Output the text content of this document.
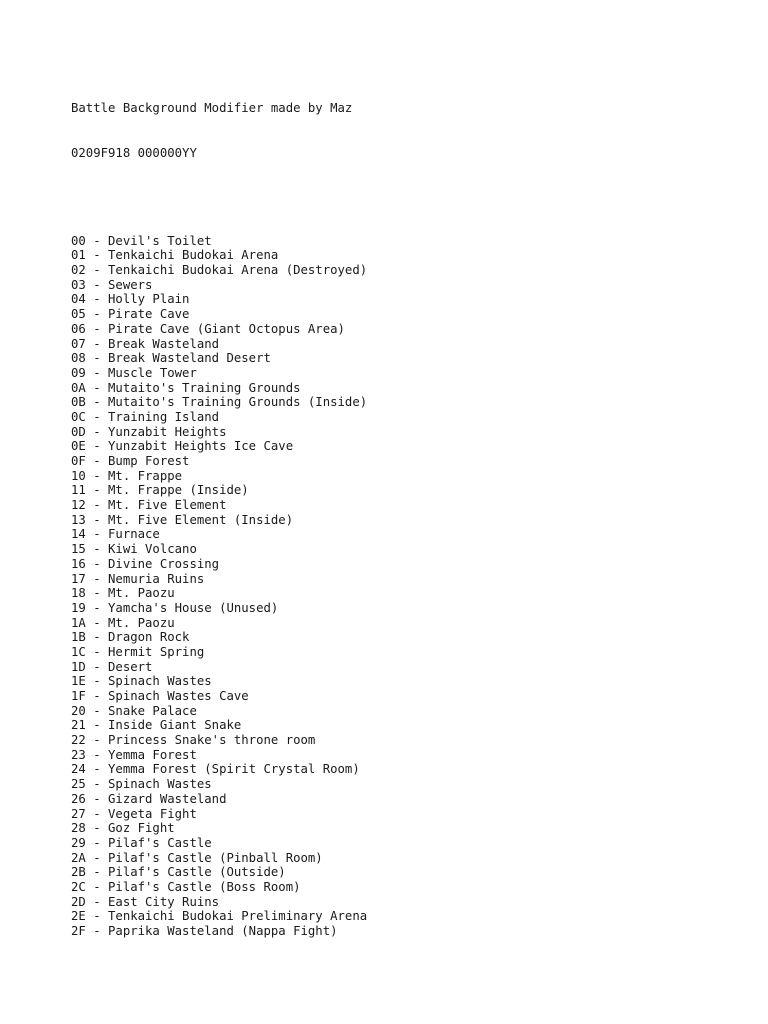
Battle Background Modifier made by Maz

0209F918 000000YY

00 - Devil's Toilet
01 - Tenkaichi Budokai Arena
02 - Tenkaichi Budokai Arena (Destroyed)
03 - Sewers
04 - Holly Plain
05 - Pirate Cave
06 - Pirate Cave (Giant Octopus Area)
07 - Break Wasteland
08 - Break Wasteland Desert
09 - Muscle Tower
0A - Mutaito's Training Grounds
0B - Mutaito's Training Grounds (Inside)
0C - Training Island
0D - Yunzabit Heights
0E - Yunzabit Heights Ice Cave
0F - Bump Forest
10 - Mt. Frappe
11 - Mt. Frappe (Inside)
12 - Mt. Five Element
13 - Mt. Five Element (Inside)
14 - Furnace
15 - Kiwi Volcano
16 - Divine Crossing
17 - Nemuria Ruins
18 - Mt. Paozu
19 - Yamcha's House (Unused)
1A - Mt. Paozu
1B - Dragon Rock
1C - Hermit Spring
1D - Desert
1E - Spinach Wastes
1F - Spinach Wastes Cave
20 - Snake Palace
21 - Inside Giant Snake
22 - Princess Snake's throne room
23 - Yemma Forest
24 - Yemma Forest (Spirit Crystal Room)
25 - Spinach Wastes
26 - Gizard Wasteland
27 - Vegeta Fight
28 - Goz Fight
29 - Pilaf's Castle
2A - Pilaf's Castle (Pinball Room)
2B - Pilaf's Castle (Outside)
2C - Pilaf's Castle (Boss Room)
2D - East City Ruins
2E - Tenkaichi Budokai Preliminary Arena
2F - Paprika Wasteland (Nappa Fight)
